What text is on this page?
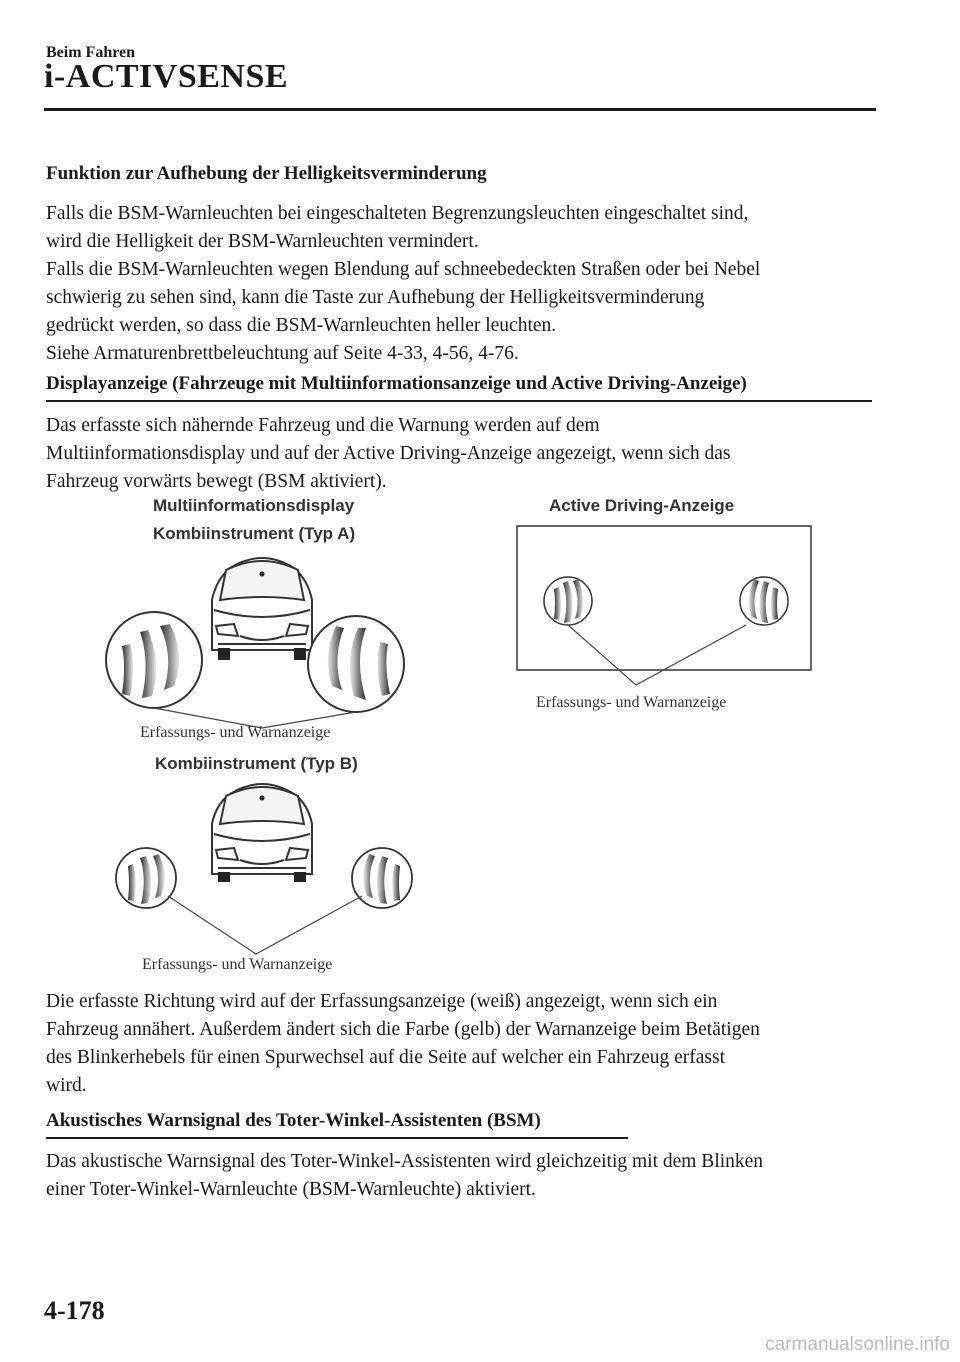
Beim Fahren
i-ACTIVSENSE
Funktion zur Aufhebung der Helligkeitsverminderung

Falls die BSM-Warnleuchten bei eingeschalteten Begrenzungsleuchten eingeschaltet sind,

wird die Helligkeit der BSM-Warnleuchten vermindert.

Falls die BSM-Warnleuchten wegen Blendung auf schneebedeckten Straßen oder bei Nebel

schwierig zu sehen sind, kann die Taste zur Aufhebung der Helligkeitsverminderung

gedrückt werden, so dass die BSM-Warnleuchten heller leuchten.

Siehe Armaturenbrettbeleuchtung auf Seite 4-33, 4-56, 4-76.

Displayanzeige (Fahrzeuge mit Multiinformationsanzeige und Active Driving-Anzeige)

Das erfasste sich nähernde Fahrzeug und die Warnung werden auf dem

Multiinformationsdisplay und auf der Active Driving-Anzeige angezeigt, wenn sich das

Fahrzeug vorwärts bewegt (BSM aktiviert).

Multiinformationsdisplay
Kombiinstrument (Typ A)
Active Driving-Anzeige
Kombiinstrument (Typ B)
Erfassungs- und Warnanzeige
Erfassungs- und Warnanzeige
Erfassungs- und Warnanzeige

Die erfasste Richtung wird auf der Erfassungsanzeige (weiß) angezeigt, wenn sich ein

Fahrzeug annähert. Außerdem ändert sich die Farbe (gelb) der Warnanzeige beim Betätigen

des Blinkerhebels für einen Spurwechsel auf die Seite auf welcher ein Fahrzeug erfasst

wird.

Akustisches Warnsignal des Toter-Winkel-Assistenten (BSM)

Das akustische Warnsignal des Toter-Winkel-Assistenten wird gleichzeitig mit dem Blinken

einer Toter-Winkel-Warnleuchte (BSM-Warnleuchte) aktiviert.

4-178
carmanualsonline.info
